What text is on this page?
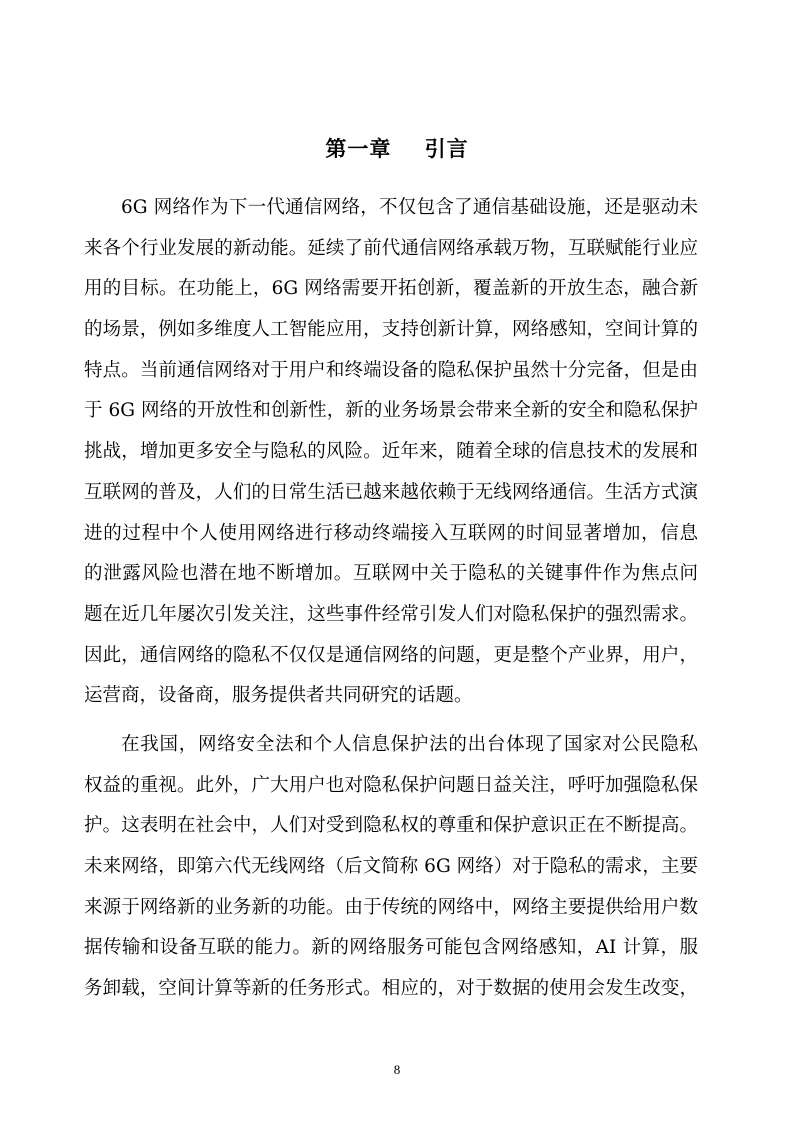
第一章    引言
6G 网络作为下一代通信网络，不仅包含了通信基础设施，还是驱动未
来各个行业发展的新动能。延续了前代通信网络承载万物，互联赋能行业应
用的目标。在功能上，6G 网络需要开拓创新，覆盖新的开放生态，融合新
的场景，例如多维度人工智能应用，支持创新计算，网络感知，空间计算的
特点。当前通信网络对于用户和终端设备的隐私保护虽然十分完备，但是由
于 6G 网络的开放性和创新性，新的业务场景会带来全新的安全和隐私保护
挑战，增加更多安全与隐私的风险。近年来，随着全球的信息技术的发展和
互联网的普及，人们的日常生活已越来越依赖于无线网络通信。生活方式演
进的过程中个人使用网络进行移动终端接入互联网的时间显著增加，信息
的泄露风险也潜在地不断增加。互联网中关于隐私的关键事件作为焦点问
题在近几年屡次引发关注，这些事件经常引发人们对隐私保护的强烈需求。
因此，通信网络的隐私不仅仅是通信网络的问题，更是整个产业界，用户，
运营商，设备商，服务提供者共同研究的话题。
在我国，网络安全法和个人信息保护法的出台体现了国家对公民隐私
权益的重视。此外，广大用户也对隐私保护问题日益关注，呼吁加强隐私保
护。这表明在社会中，人们对受到隐私权的尊重和保护意识正在不断提高。
未来网络，即第六代无线网络（后文简称 6G 网络）对于隐私的需求，主要
来源于网络新的业务新的功能。由于传统的网络中，网络主要提供给用户数
据传输和设备互联的能力。新的网络服务可能包含网络感知，AI 计算，服
务卸载，空间计算等新的任务形式。相应的，对于数据的使用会发生改变，
8
